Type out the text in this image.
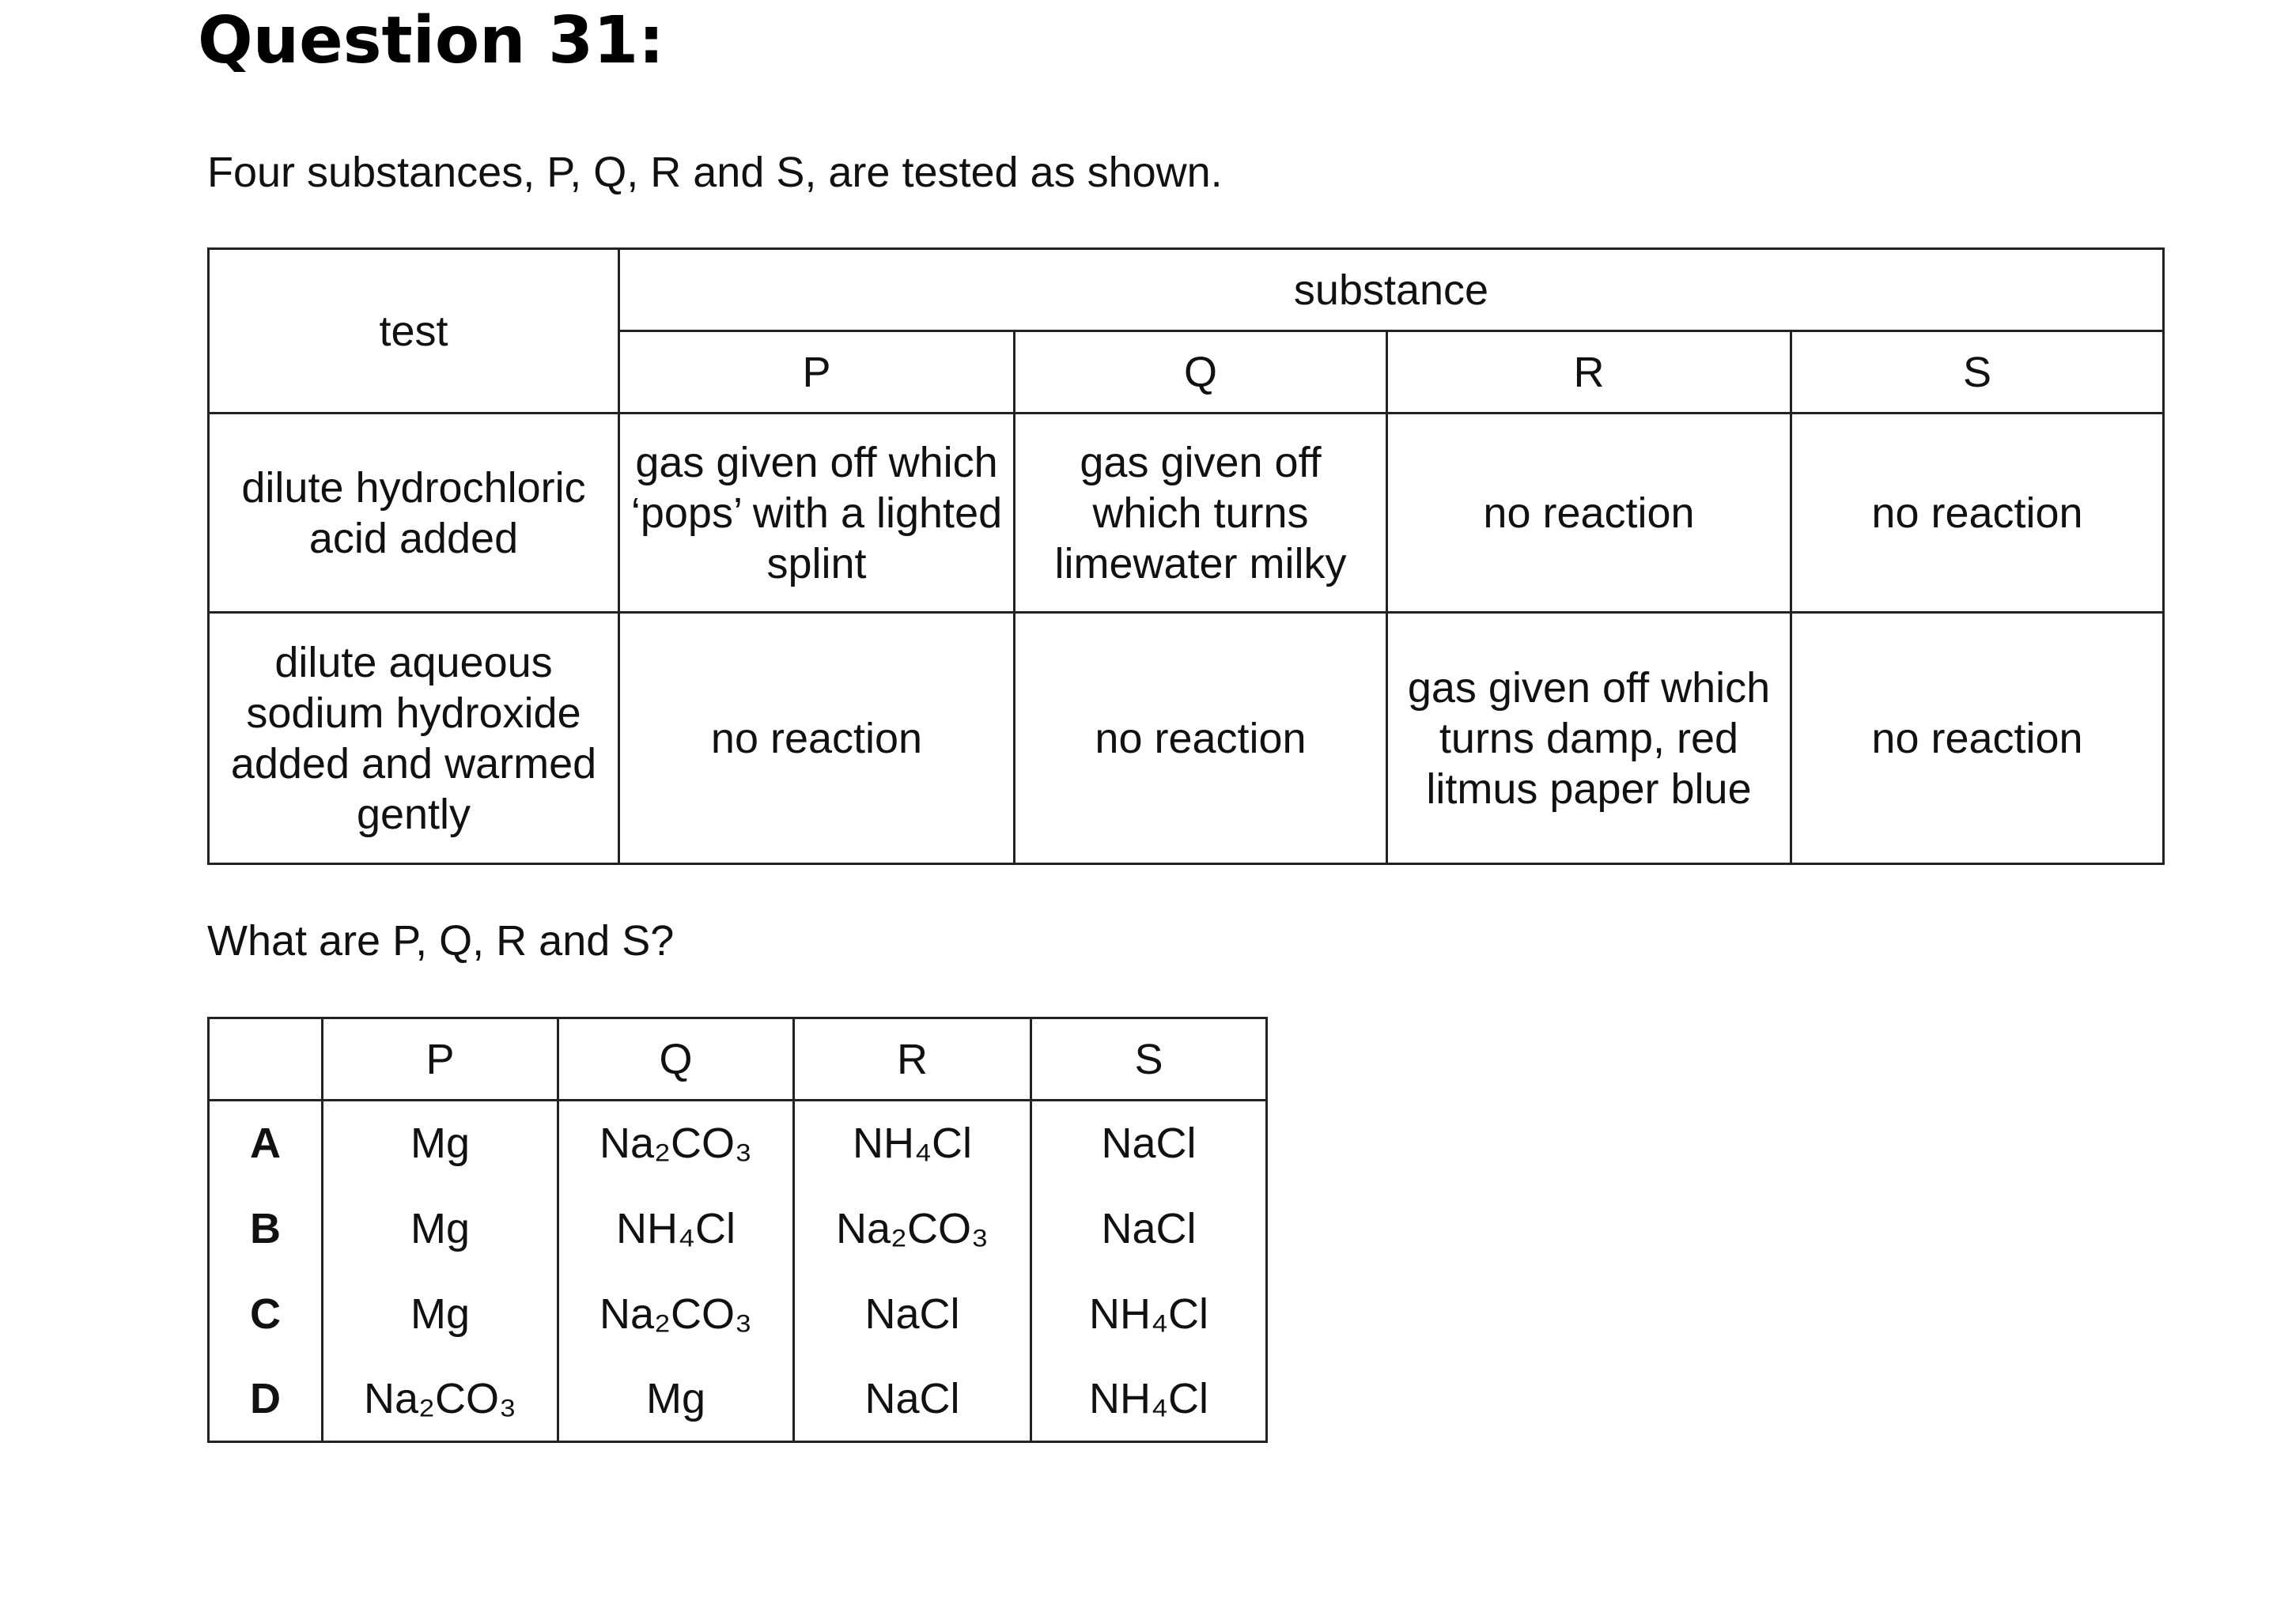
Question 31:
Four substances, P, Q, R and S, are tested as shown.
test	substance			
	P	Q	R	S
dilute hydrochloric acid added	gas given off which ‘pops’ with a lighted splint	gas given off which turns limewater milky	no reaction	no reaction
dilute aqueous sodium hydroxide added and warmed gently	no reaction	no reaction	gas given off which turns damp, red litmus paper blue	no reaction
What are P, Q, R and S?
	P	Q	R	S
A	Mg	Na₂CO₃	NH₄Cl	NaCl
B	Mg	NH₄Cl	Na₂CO₃	NaCl
C	Mg	Na₂CO₃	NaCl	NH₄Cl
D	Na₂CO₃	Mg	NaCl	NH₄Cl
